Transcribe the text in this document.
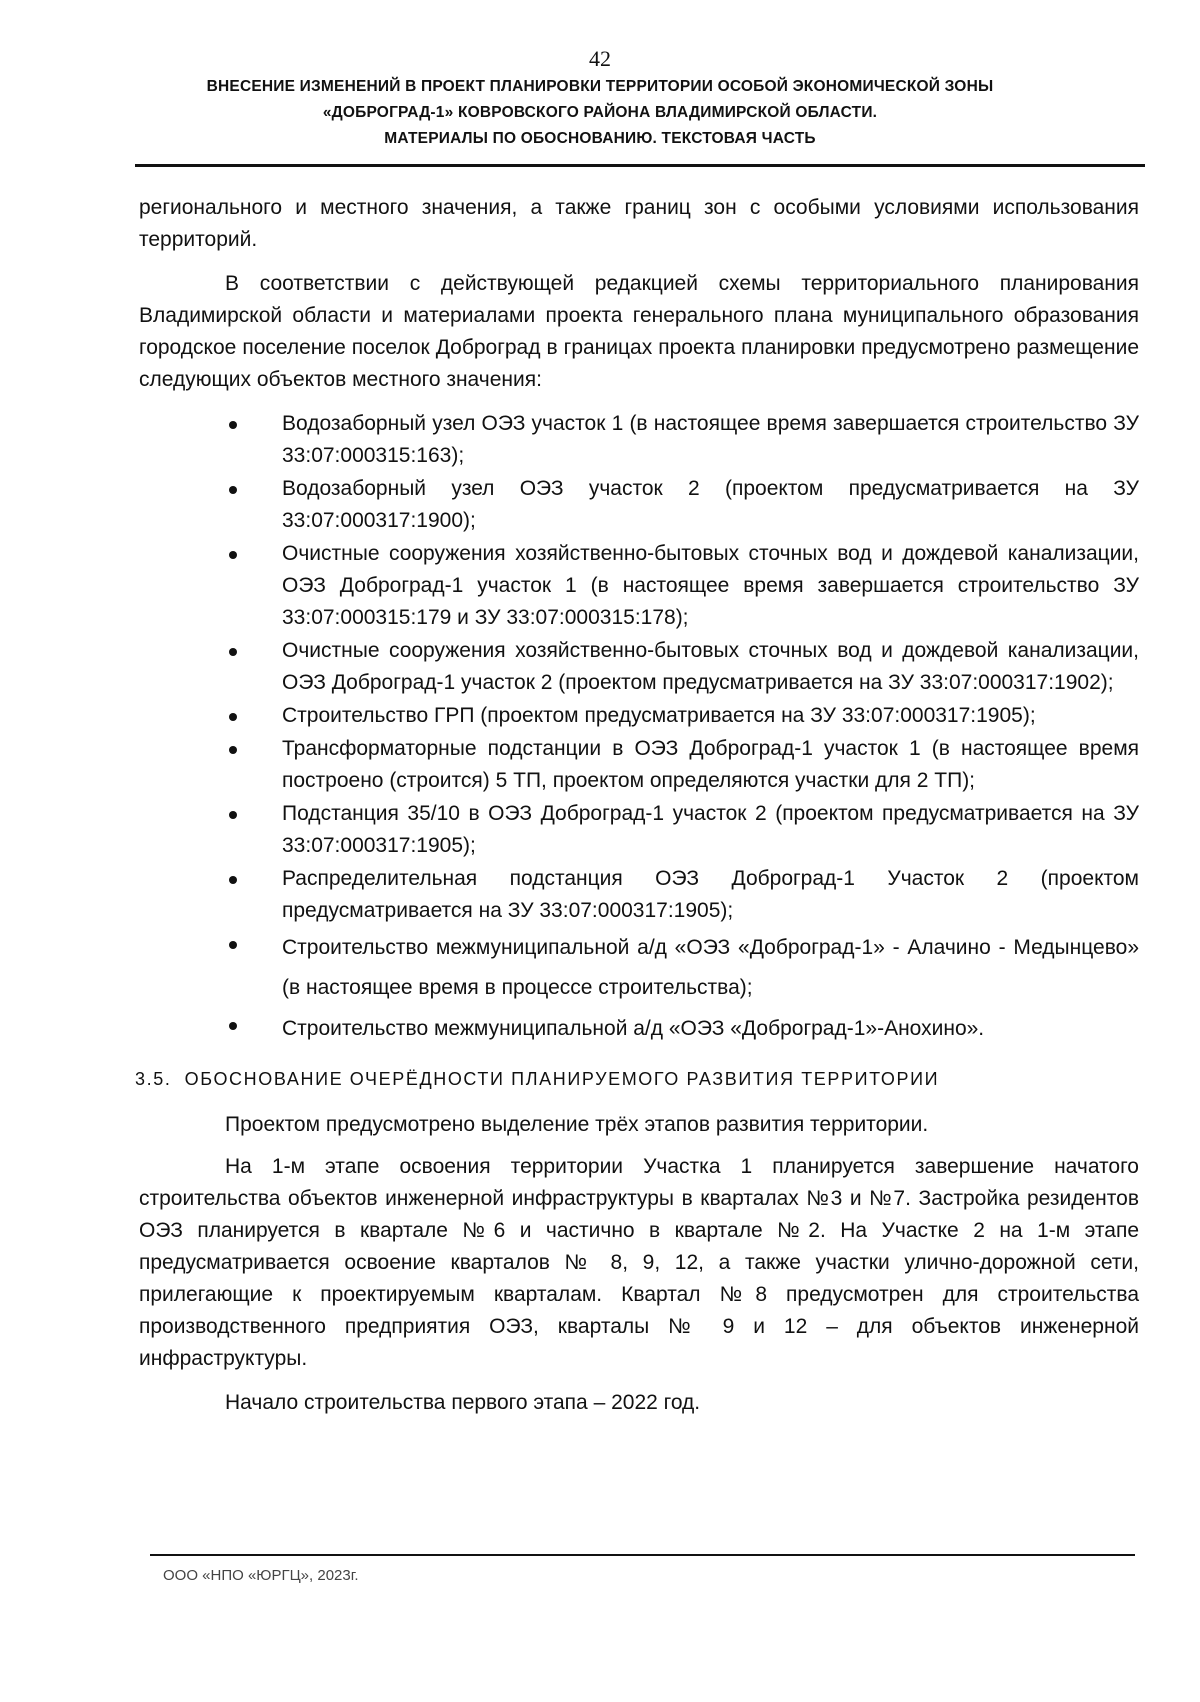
42
ВНЕСЕНИЕ ИЗМЕНЕНИЙ В ПРОЕКТ ПЛАНИРОВКИ ТЕРРИТОРИИ ОСОБОЙ ЭКОНОМИЧЕСКОЙ ЗОНЫ
«ДОБРОГРАД-1» КОВРОВСКОГО РАЙОНА ВЛАДИМИРСКОЙ ОБЛАСТИ.
МАТЕРИАЛЫ ПО ОБОСНОВАНИЮ. ТЕКСТОВАЯ ЧАСТЬ

регионального и местного значения, а также границ зон с особыми условиями использования территорий.

В соответствии с действующей редакцией схемы территориального планирования Владимирской области и материалами проекта генерального плана муниципального образования городское поселение поселок Доброград в границах проекта планировки предусмотрено размещение следующих объектов местного значения:

Водозаборный узел ОЭЗ участок 1 (в настоящее время завершается строительство ЗУ 33:07:000315:163);
Водозаборный узел ОЭЗ участок 2 (проектом предусматривается на ЗУ 33:07:000317:1900);
Очистные сооружения хозяйственно-бытовых сточных вод и дождевой канализации, ОЭЗ Доброград-1 участок 1 (в настоящее время завершается строительство ЗУ 33:07:000315:179 и ЗУ 33:07:000315:178);
Очистные сооружения хозяйственно-бытовых сточных вод и дождевой канализации, ОЭЗ Доброград-1 участок 2 (проектом предусматривается на ЗУ 33:07:000317:1902);
Строительство ГРП (проектом предусматривается на ЗУ 33:07:000317:1905);
Трансформаторные подстанции в ОЭЗ Доброград-1 участок 1 (в настоящее время построено (строится) 5 ТП, проектом определяются участки для 2 ТП);
Подстанция 35/10 в ОЭЗ Доброград-1 участок 2 (проектом предусматривается на ЗУ 33:07:000317:1905);
Распределительная подстанция ОЭЗ Доброград-1 Участок 2 (проектом предусматривается на ЗУ 33:07:000317:1905);
Строительство межмуниципальной а/д «ОЭЗ «Доброград-1» - Алачино - Медынцево» (в настоящее время в процессе строительства);
Строительство межмуниципальной а/д «ОЭЗ «Доброград-1»-Анохино».
3.5. ОБОСНОВАНИЕ ОЧЕРЁДНОСТИ ПЛАНИРУЕМОГО РАЗВИТИЯ ТЕРРИТОРИИ

Проектом предусмотрено выделение трёх этапов развития территории.

На 1-м этапе освоения территории Участка 1 планируется завершение начатого строительства объектов инженерной инфраструктуры в кварталах №3 и №7. Застройка резидентов ОЭЗ планируется в квартале №6 и частично в квартале №2. На Участке 2 на 1-м этапе предусматривается освоение кварталов № 8, 9, 12, а также участки улично-дорожной сети, прилегающие к проектируемым кварталам. Квартал №8 предусмотрен для строительства производственного предприятия ОЭЗ, кварталы № 9 и 12 – для объектов инженерной инфраструктуры.

Начало строительства первого этапа – 2022 год.

ООО «НПО «ЮРГЦ», 2023г.
